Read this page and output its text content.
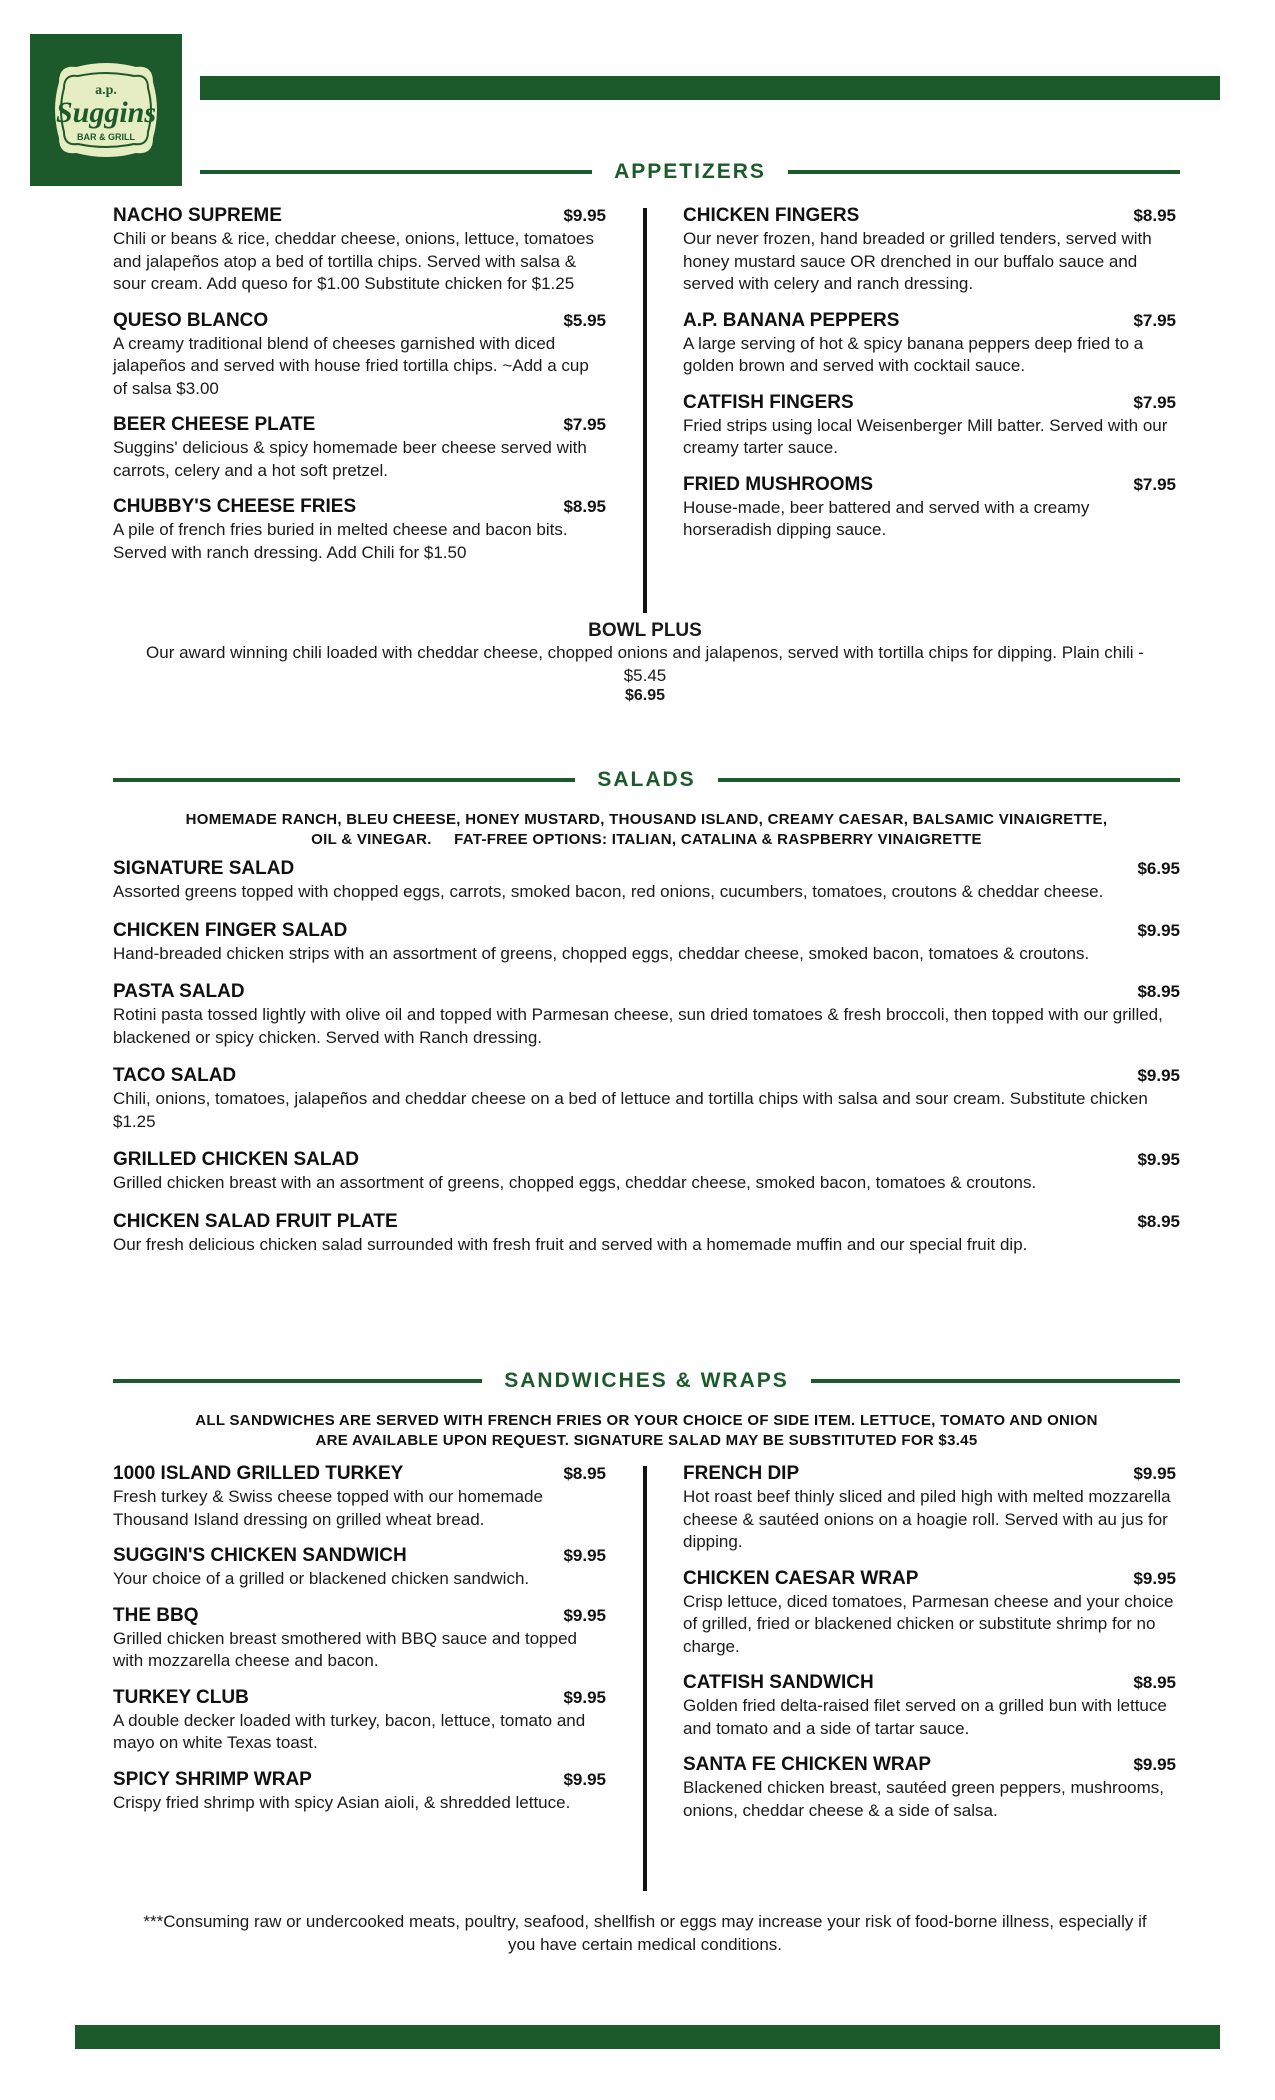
a.p.
Suggins
BAR & GRILL
APPETIZERS
NACHO SUPREME	$9.95
Chili or beans & rice, cheddar cheese, onions, lettuce, tomatoes and jalapeños atop a bed of tortilla chips. Served with salsa & sour cream. Add queso for $1.00 Substitute chicken for $1.25
QUESO BLANCO	$5.95
A creamy traditional blend of cheeses garnished with diced jalapeños and served with house fried tortilla chips. ~Add a cup of salsa $3.00
BEER CHEESE PLATE	$7.95
Suggins' delicious & spicy homemade beer cheese served with carrots, celery and a hot soft pretzel.
CHUBBY'S CHEESE FRIES	$8.95
A pile of french fries buried in melted cheese and bacon bits. Served with ranch dressing. Add Chili for $1.50
CHICKEN FINGERS	$8.95
Our never frozen, hand breaded or grilled tenders, served with honey mustard sauce OR drenched in our buffalo sauce and served with celery and ranch dressing.
A.P. BANANA PEPPERS	$7.95
A large serving of hot & spicy banana peppers deep fried to a golden brown and served with cocktail sauce.
CATFISH FINGERS	$7.95
Fried strips using local Weisenberger Mill batter. Served with our creamy tarter sauce.
FRIED MUSHROOMS	$7.95
House-made, beer battered and served with a creamy horseradish dipping sauce.
BOWL PLUS
Our award winning chili loaded with cheddar cheese, chopped onions and jalapenos, served with tortilla chips for dipping. Plain chili - $5.45
$6.95
SALADS
HOMEMADE RANCH, BLEU CHEESE, HONEY MUSTARD, THOUSAND ISLAND, CREAMY CAESAR, BALSAMIC VINAIGRETTE,
OIL & VINEGAR.     FAT-FREE OPTIONS: ITALIAN, CATALINA & RASPBERRY VINAIGRETTE
SIGNATURE SALAD	$6.95
Assorted greens topped with chopped eggs, carrots, smoked bacon, red onions, cucumbers, tomatoes, croutons & cheddar cheese.
CHICKEN FINGER SALAD	$9.95
Hand-breaded chicken strips with an assortment of greens, chopped eggs, cheddar cheese, smoked bacon, tomatoes & croutons.
PASTA SALAD	$8.95
Rotini pasta tossed lightly with olive oil and topped with Parmesan cheese, sun dried tomatoes & fresh broccoli, then topped with our grilled, blackened or spicy chicken. Served with Ranch dressing.
TACO SALAD	$9.95
Chili, onions, tomatoes, jalapeños and cheddar cheese on a bed of lettuce and tortilla chips with salsa and sour cream. Substitute chicken $1.25
GRILLED CHICKEN SALAD	$9.95
Grilled chicken breast with an assortment of greens, chopped eggs, cheddar cheese, smoked bacon, tomatoes & croutons.
CHICKEN SALAD FRUIT PLATE	$8.95
Our fresh delicious chicken salad surrounded with fresh fruit and served with a homemade muffin and our special fruit dip.
SANDWICHES & WRAPS
ALL SANDWICHES ARE SERVED WITH FRENCH FRIES OR YOUR CHOICE OF SIDE ITEM. LETTUCE, TOMATO AND ONION
ARE AVAILABLE UPON REQUEST. SIGNATURE SALAD MAY BE SUBSTITUTED FOR $3.45
1000 ISLAND GRILLED TURKEY	$8.95
Fresh turkey & Swiss cheese topped with our homemade Thousand Island dressing on grilled wheat bread.
SUGGIN'S CHICKEN SANDWICH	$9.95
Your choice of a grilled or blackened chicken sandwich.
THE BBQ	$9.95
Grilled chicken breast smothered with BBQ sauce and topped with mozzarella cheese and bacon.
TURKEY CLUB	$9.95
A double decker loaded with turkey, bacon, lettuce, tomato and mayo on white Texas toast.
SPICY SHRIMP WRAP	$9.95
Crispy fried shrimp with spicy Asian aioli, & shredded lettuce.
FRENCH DIP	$9.95
Hot roast beef thinly sliced and piled high with melted mozzarella cheese & sautéed onions on a hoagie roll. Served with au jus for dipping.
CHICKEN CAESAR WRAP	$9.95
Crisp lettuce, diced tomatoes, Parmesan cheese and your choice of grilled, fried or blackened chicken or substitute shrimp for no charge.
CATFISH SANDWICH	$8.95
Golden fried delta-raised filet served on a grilled bun with lettuce and tomato and a side of tartar sauce.
SANTA FE CHICKEN WRAP	$9.95
Blackened chicken breast, sautéed green peppers, mushrooms, onions, cheddar cheese & a side of salsa.
***Consuming raw or undercooked meats, poultry, seafood, shellfish or eggs may increase your risk of food-borne illness, especially if you have certain medical conditions.
